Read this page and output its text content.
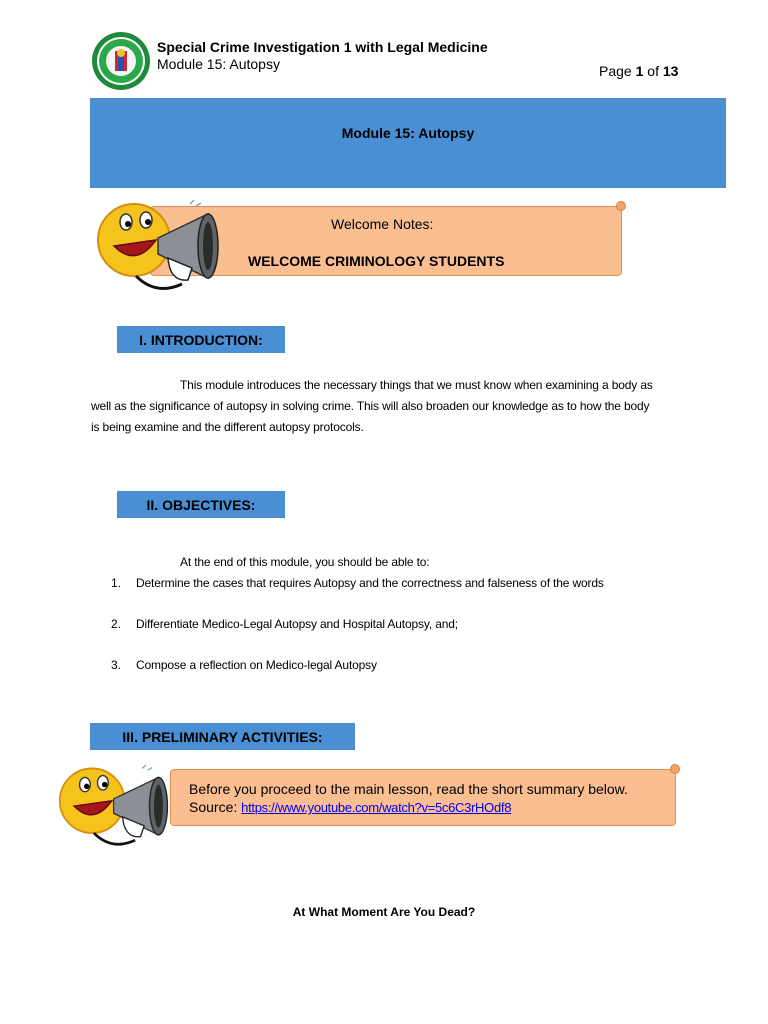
Special Crime Investigation 1 with Legal Medicine
Module 15: Autopsy	Page 1 of 13
Module 15: Autopsy
Welcome Notes:
WELCOME CRIMINOLOGY STUDENTS
I. INTRODUCTION:
This module introduces the necessary things that we must know when examining a body as
well as the significance of autopsy in solving crime. This will also broaden our knowledge as to how the body
is being examine and the different autopsy protocols.
II. OBJECTIVES:
At the end of this module, you should be able to:
1. Determine the cases that requires Autopsy and the correctness and falseness of the words
2. Differentiate Medico-Legal Autopsy and Hospital Autopsy, and;
3. Compose a reflection on Medico-legal Autopsy
III. PRELIMINARY ACTIVITIES:
Before you proceed to the main lesson, read the short summary below.
Source: https://www.youtube.com/watch?v=5c6C3rHOdf8
At What Moment Are You Dead?
